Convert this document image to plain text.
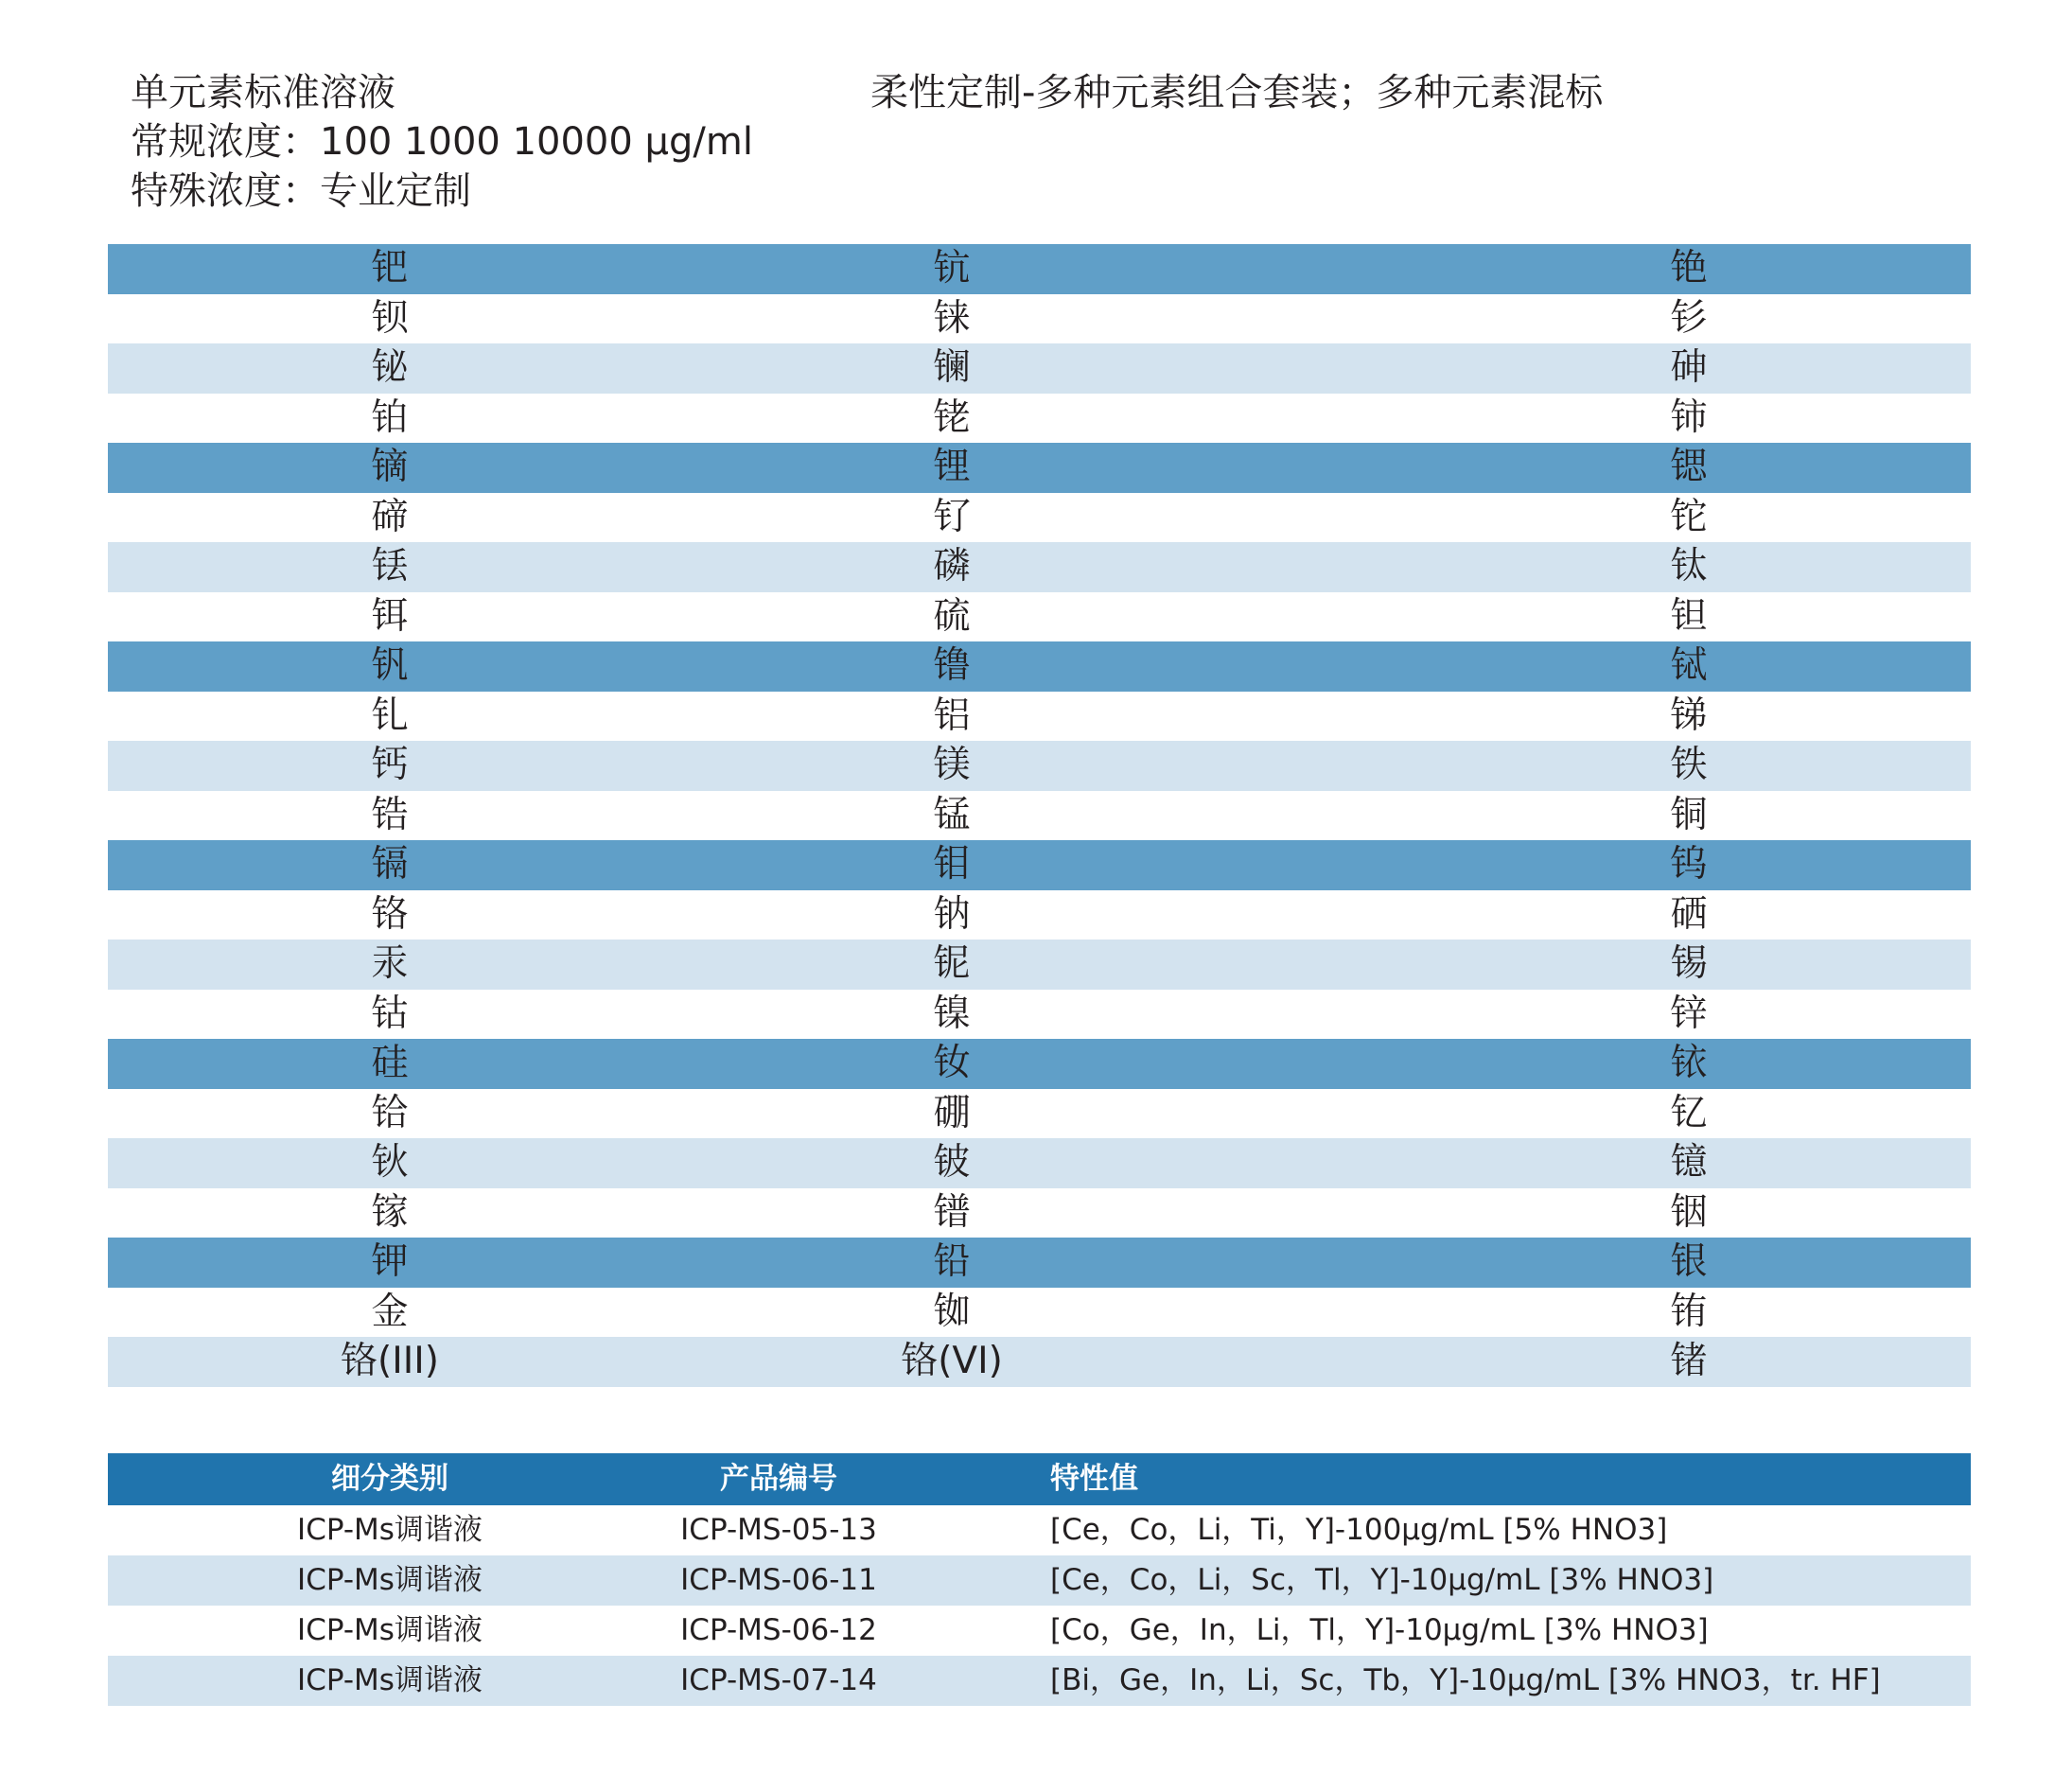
单元素标准溶液
常规浓度：100 1000 10000 μg/ml
特殊浓度：专业定制
柔性定制-多种元素组合套装；多种元素混标
钯	钪	铯
钡	铼	钐
铋	镧	砷
铂	铑	铈
镝	锂	锶
碲	钌	铊
铥	磷	钛
铒	硫	钽
钒	镥	铽
钆	铝	锑
钙	镁	铁
锆	锰	铜
镉	钼	钨
铬	钠	硒
汞	铌	锡
钴	镍	锌
硅	钕	铱
铪	硼	钇
钬	铍	镱
镓	镨	铟
钾	铅	银
金	铷	铕
铬(III)	铬(VI)	锗
细分类别	产品编号	特性值
ICP-Ms调谐液	ICP-MS-05-13	[Ce，Co，Li，Ti，Y]-100μg/mL [5% HNO3]
ICP-Ms调谐液	ICP-MS-06-11	[Ce，Co，Li，Sc，Tl，Y]-10μg/mL [3% HNO3]
ICP-Ms调谐液	ICP-MS-06-12	[Co，Ge，In，Li，Tl，Y]-10μg/mL [3% HNO3]
ICP-Ms调谐液	ICP-MS-07-14	[Bi，Ge，In，Li，Sc，Tb，Y]-10μg/mL [3% HNO3，tr. HF]
